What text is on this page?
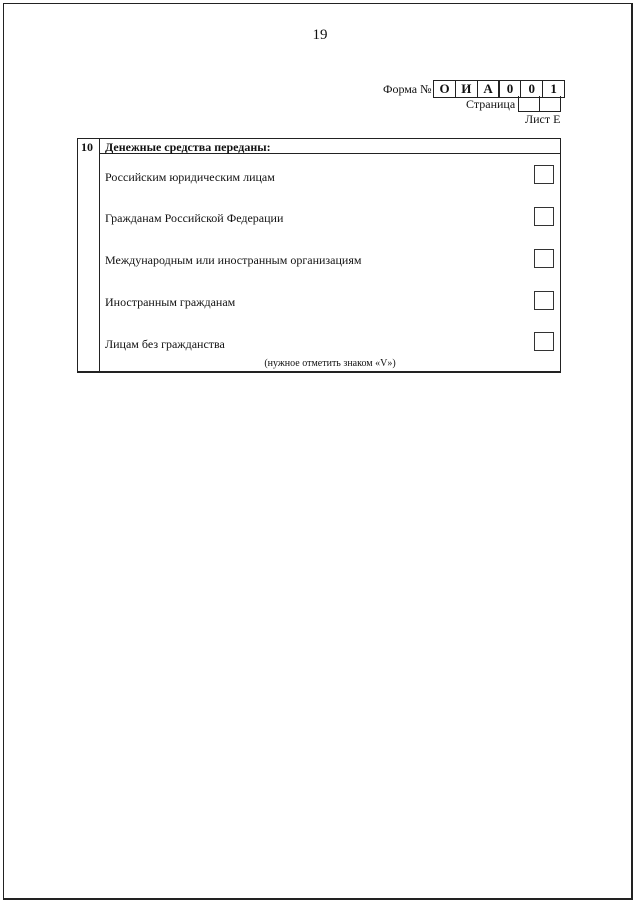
19
Форма № О И А	0	0	1
Страница
Лист Е
10 Денежные средства переданы:
Российским юридическим лицам
Гражданам Российской Федерации
Международным или иностранным организациям
Иностранным гражданам
Лицам без гражданства
(нужное отметить знаком «V»)
